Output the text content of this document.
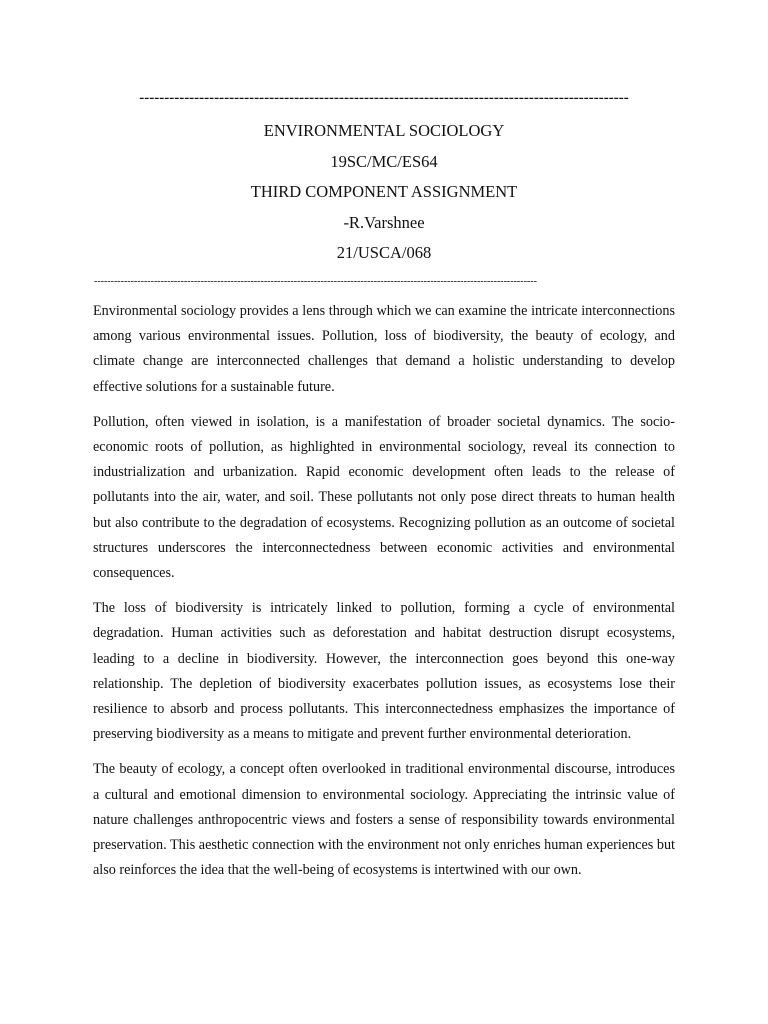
--------------------------------------------------------------------------------------------------

ENVIRONMENTAL SOCIOLOGY

19SC/MC/ES64

THIRD COMPONENT ASSIGNMENT

-R.Varshnee

21/USCA/068

-------------------------------------------------------------------------------------------------------------------------------------

Environmental sociology provides a lens through which we can examine the intricate interconnections among various environmental issues. Pollution, loss of biodiversity, the beauty of ecology, and climate change are interconnected challenges that demand a holistic understanding to develop effective solutions for a sustainable future.

Pollution, often viewed in isolation, is a manifestation of broader societal dynamics. The socio-economic roots of pollution, as highlighted in environmental sociology, reveal its connection to industrialization and urbanization. Rapid economic development often leads to the release of pollutants into the air, water, and soil. These pollutants not only pose direct threats to human health but also contribute to the degradation of ecosystems. Recognizing pollution as an outcome of societal structures underscores the interconnectedness between economic activities and environmental consequences.

The loss of biodiversity is intricately linked to pollution, forming a cycle of environmental degradation. Human activities such as deforestation and habitat destruction disrupt ecosystems, leading to a decline in biodiversity. However, the interconnection goes beyond this one-way relationship. The depletion of biodiversity exacerbates pollution issues, as ecosystems lose their resilience to absorb and process pollutants. This interconnectedness emphasizes the importance of preserving biodiversity as a means to mitigate and prevent further environmental deterioration.

The beauty of ecology, a concept often overlooked in traditional environmental discourse, introduces a cultural and emotional dimension to environmental sociology. Appreciating the intrinsic value of nature challenges anthropocentric views and fosters a sense of responsibility towards environmental preservation. This aesthetic connection with the environment not only enriches human experiences but also reinforces the idea that the well-being of ecosystems is intertwined with our own.
